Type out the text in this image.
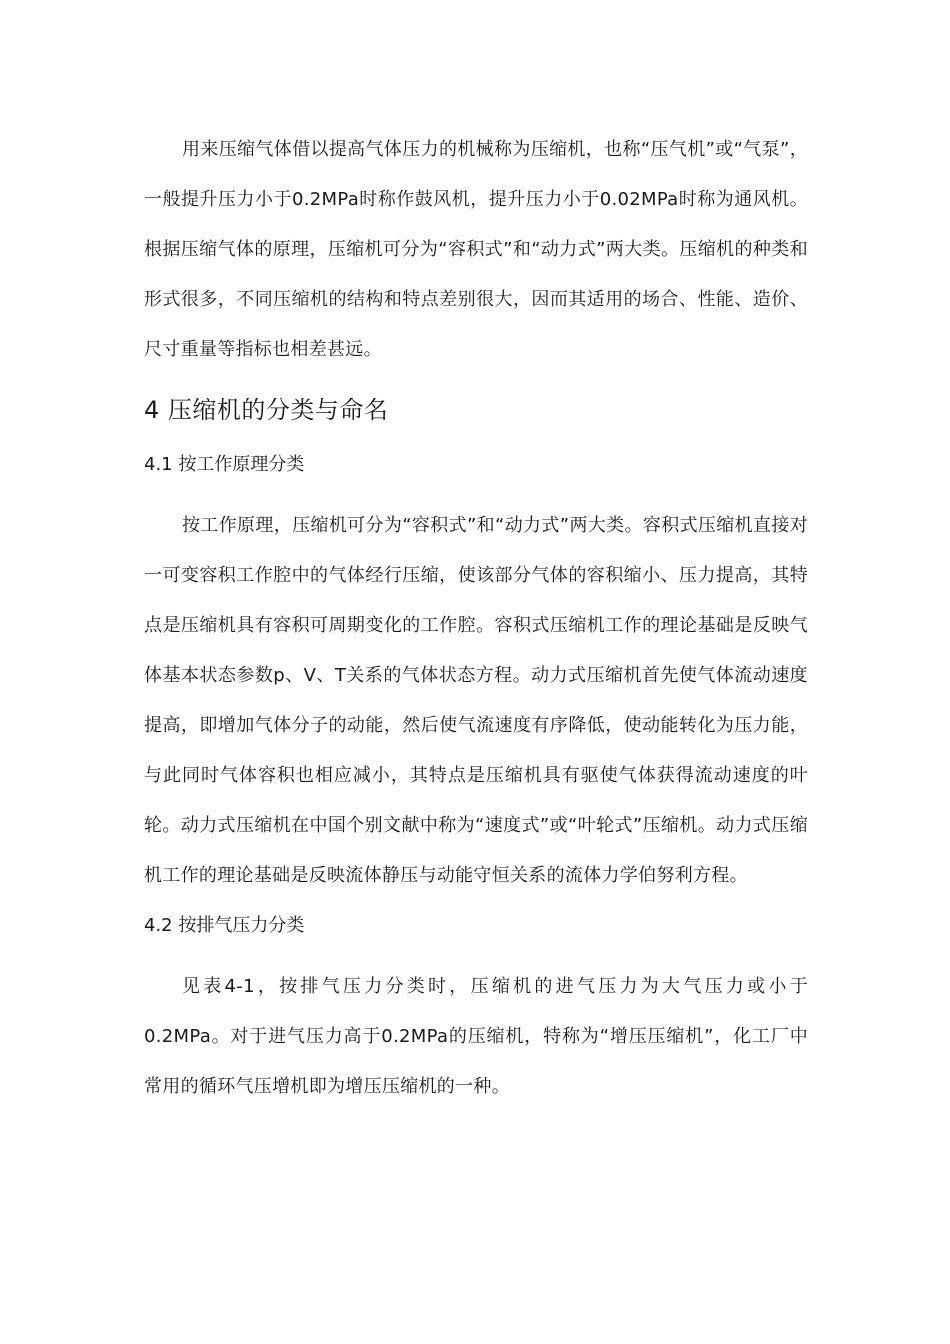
用来压缩气体借以提高气体压力的机械称为压缩机，也称“压气机”或“气泵”，一般提升压力小于0.2MPa时称作鼓风机，提升压力小于0.02MPa时称为通风机。根据压缩气体的原理，压缩机可分为“容积式”和“动力式”两大类。压缩机的种类和形式很多，不同压缩机的结构和特点差别很大，因而其适用的场合、性能、造价、尺寸重量等指标也相差甚远。

4 压缩机的分类与命名
4.1 按工作原理分类

按工作原理，压缩机可分为“容积式”和“动力式”两大类。容积式压缩机直接对一可变容积工作腔中的气体经行压缩，使该部分气体的容积缩小、压力提高，其特点是压缩机具有容积可周期变化的工作腔。容积式压缩机工作的理论基础是反映气体基本状态参数p、V、T关系的气体状态方程。动力式压缩机首先使气体流动速度提高，即增加气体分子的动能，然后使气流速度有序降低，使动能转化为压力能，与此同时气体容积也相应减小，其特点是压缩机具有驱使气体获得流动速度的叶轮。动力式压缩机在中国个别文献中称为“速度式”或“叶轮式”压缩机。动力式压缩机工作的理论基础是反映流体静压与动能守恒关系的流体力学伯努利方程。

4.2 按排气压力分类

见表4-1，按排气压力分类时，压缩机的进气压力为大气压力或小于0.2MPa。对于进气压力高于0.2MPa的压缩机，特称为“增压压缩机”，化工厂中常用的循环气压增机即为增压压缩机的一种。
